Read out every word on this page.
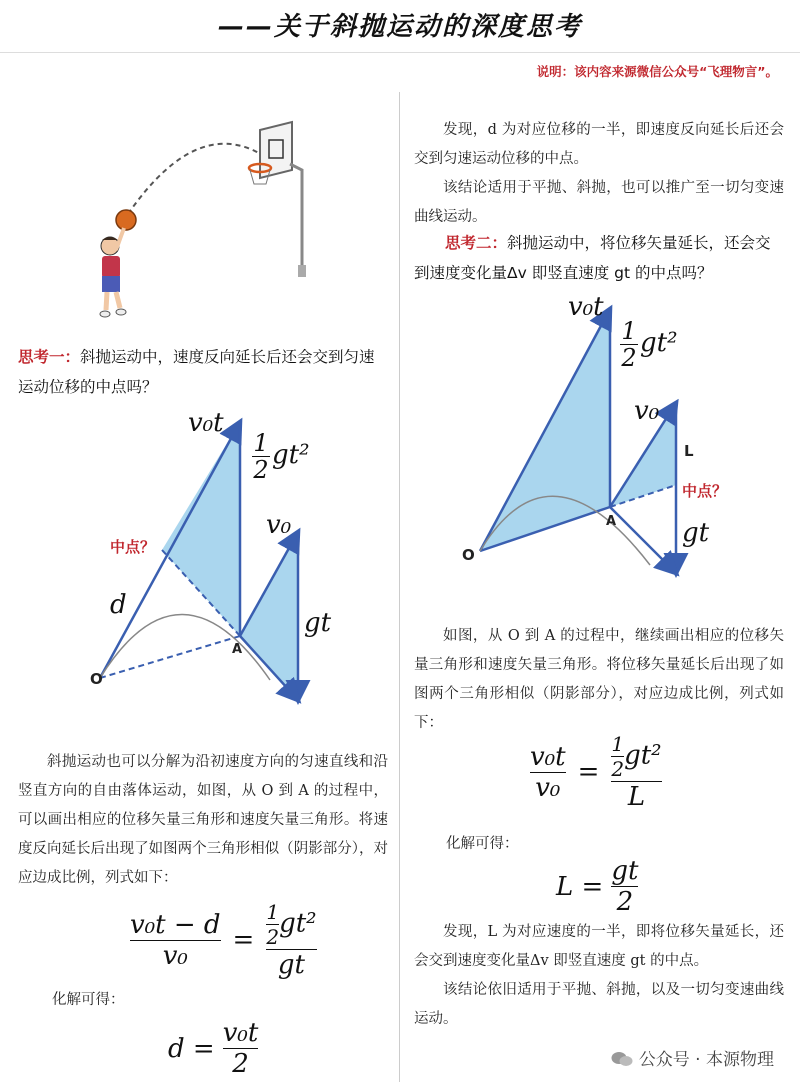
——关于斜抛运动的深度思考
说明：该内容来源微信公众号“飞理物言”。
思考一：斜抛运动中，速度反向延长后还会交到匀速运动位移的中点吗？
v₀t
1

2 gt²
v₀
中点？
d
gt
A
O
斜抛运动也可以分解为沿初速度方向的匀速直线和沿竖直方向的自由落体运动，如图，从 O 到 A 的过程中，可以画出相应的位移矢量三角形和速度矢量三角形。将速度反向延长后出现了如图两个三角形相似（阴影部分），对应边成比例，列式如下：
$\frac{\text{v₀t − d}}{\text{v₀}} = \frac{\frac{1}{2} gt^2}{gt}$
化解可得：
$d = \frac{\text{v₀t}}{2}$
发现，d 为对应位移的一半，即速度反向延长后还会交到匀速运动位移的中点。
该结论适用于平抛、斜抛，也可以推广至一切匀变速曲线运动。
思考二：斜抛运动中，将位移矢量延长，还会交到速度变化量Δv 即竖直速度 gt 的中点吗？
v₀t
1

2 gt²
v₀
L
中点？
gt
A
O
如图，从 O 到 A 的过程中，继续画出相应的位移矢量三角形和速度矢量三角形。将位移矢量延长后出现了如图两个三角形相似（阴影部分），对应边成比例，列式如下：
$\frac{\text{v₀t}}{\text{v₀}} = \frac{\frac{1}{2} gt^2}{L}$
化解可得：
$L = \frac{gt}{2}$
发现，L 为对应速度的一半，即将位移矢量延长，还会交到速度变化量Δv 即竖直速度 gt 的中点。
该结论依旧适用于平抛、斜抛，以及一切匀变速曲线运动。
公众号 · 本源物理
